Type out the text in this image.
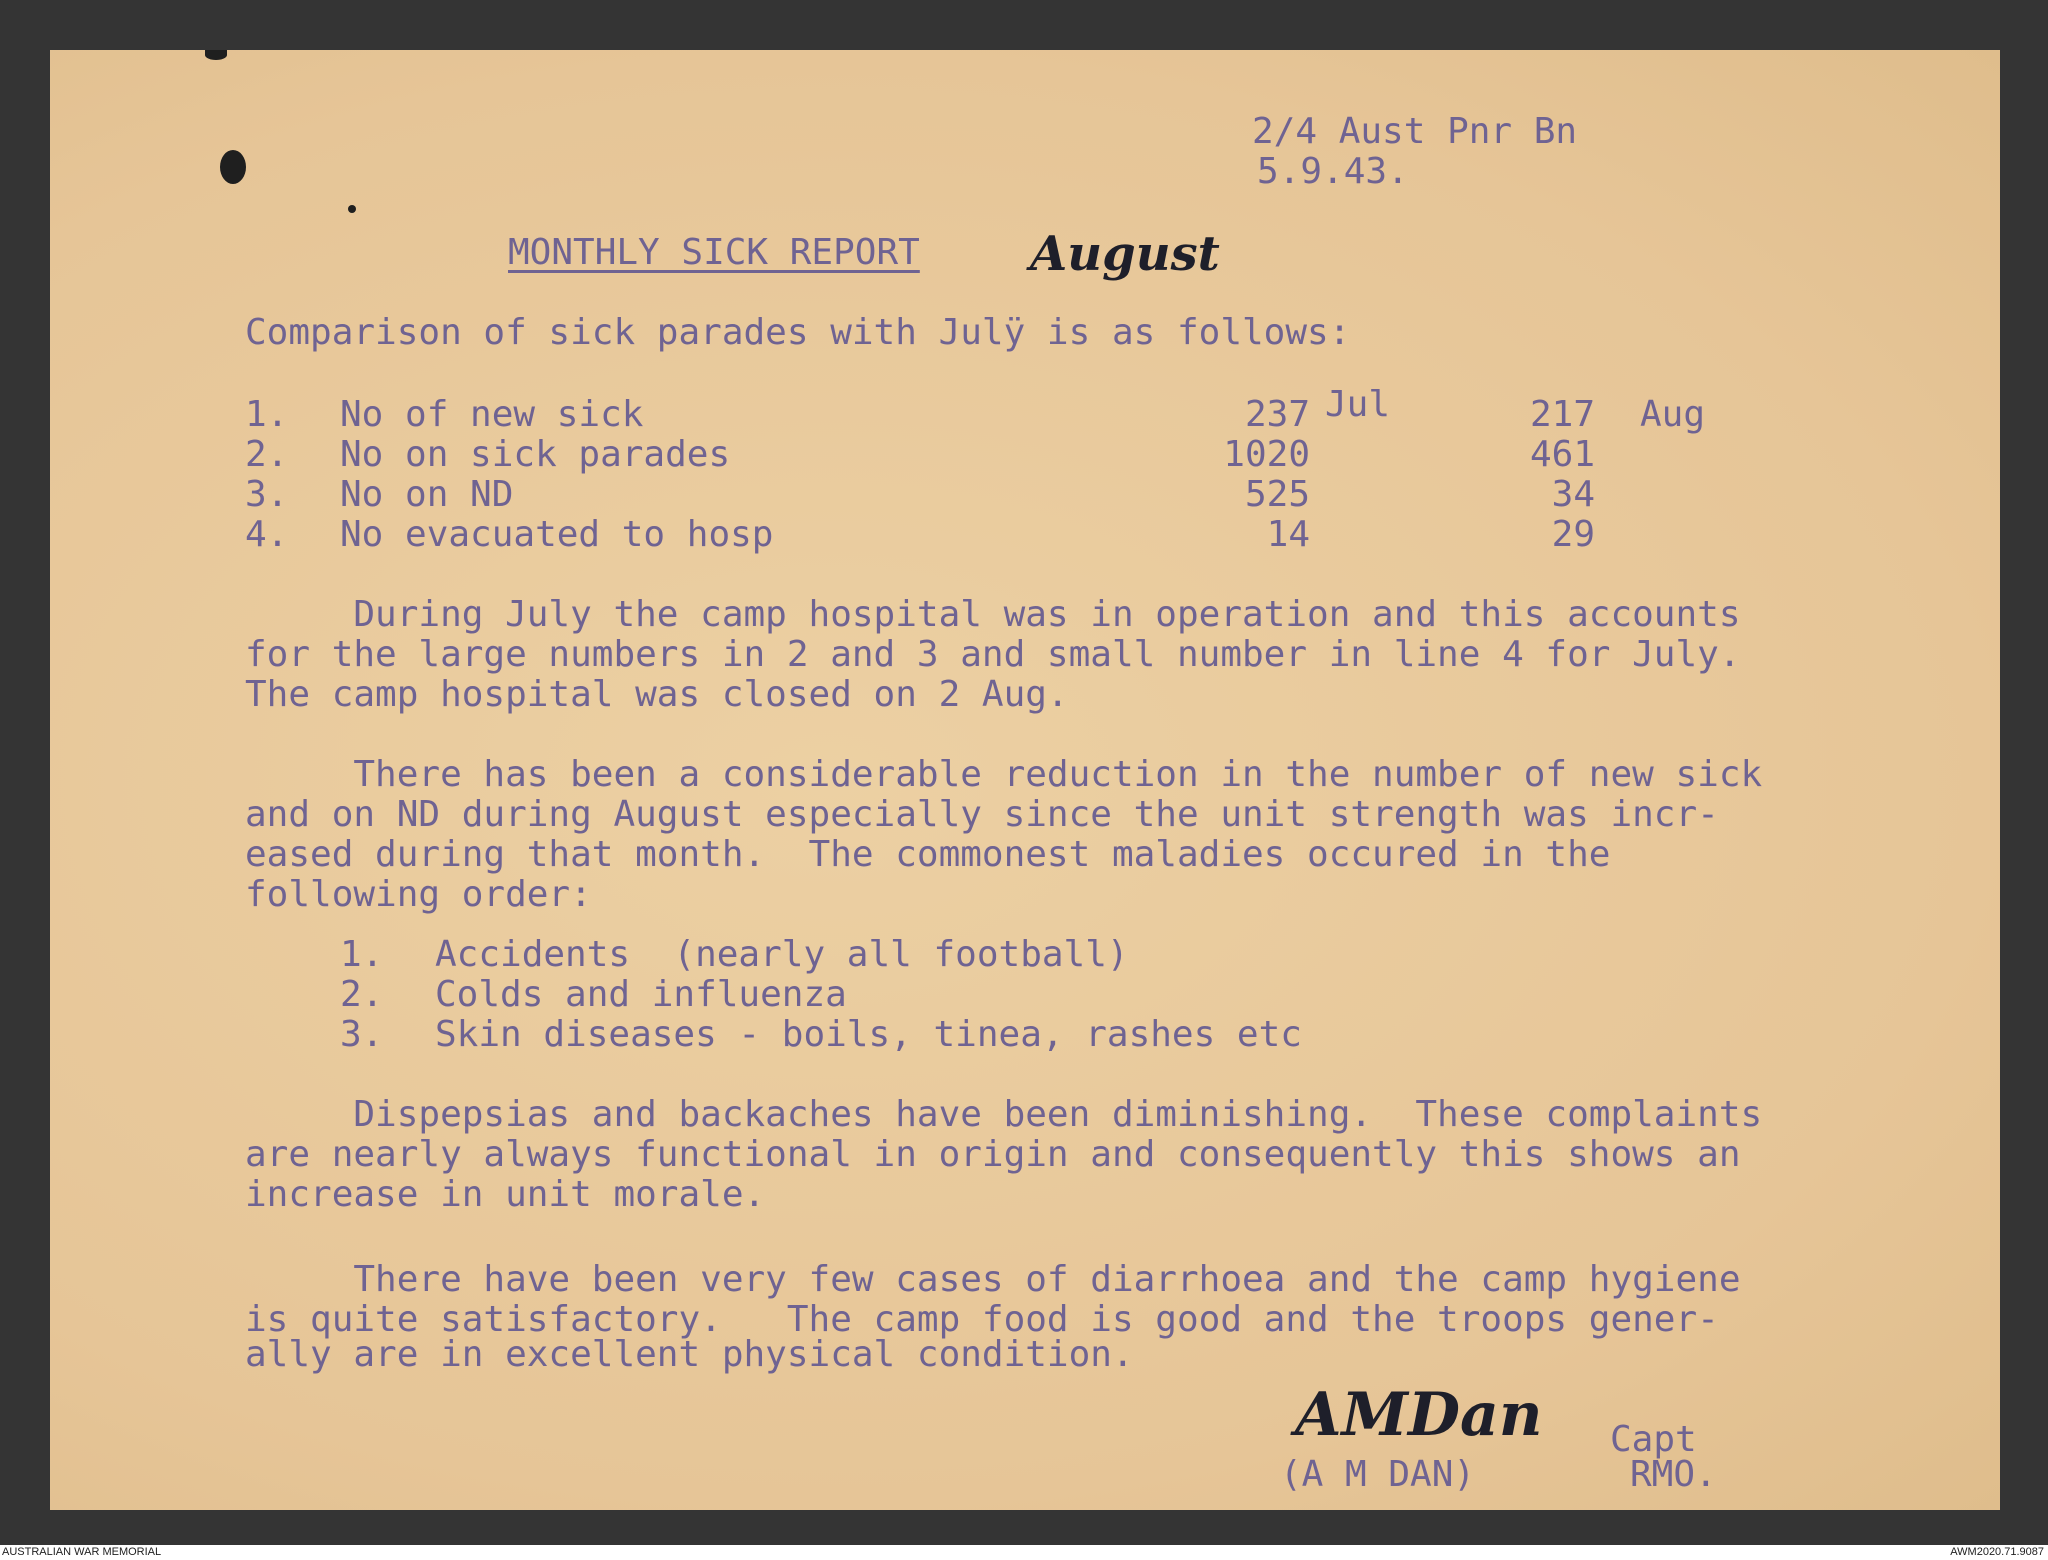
2/4 Aust Pnr Bn
5.9.43.
MONTHLY SICK REPORT August
Comparison of sick parades with Julÿ is as follows:
1. No of new sick	237 Jul	217 Aug
2. No on sick parades	1020	461
3. No on ND	525	34
4. No evacuated to hosp	14	29
During July the camp hospital was in operation and this accounts
for the large numbers in 2 and 3 and small number in line 4 for July.
The camp hospital was closed on 2 Aug.
There has been a considerable reduction in the number of new sick
and on ND during August especially since the unit strength was incr-
eased during that month.  The commonest maladies occured in the
following order:
1. Accidents  (nearly all football)
2. Colds and influenza
3. Skin diseases - boils, tinea, rashes etc
Dispepsias and backaches have been diminishing.  These complaints
are nearly always functional in origin and consequently this shows an
increase in unit morale.
There have been very few cases of diarrhoea and the camp hygiene
is quite satisfactory.   The camp food is good and the troops gener-
ally are in excellent physical condition.
AMDan
(A M DAN)
Capt
RMO.
AUSTRALIAN WAR MEMORIAL	AWM2020.71.9087
